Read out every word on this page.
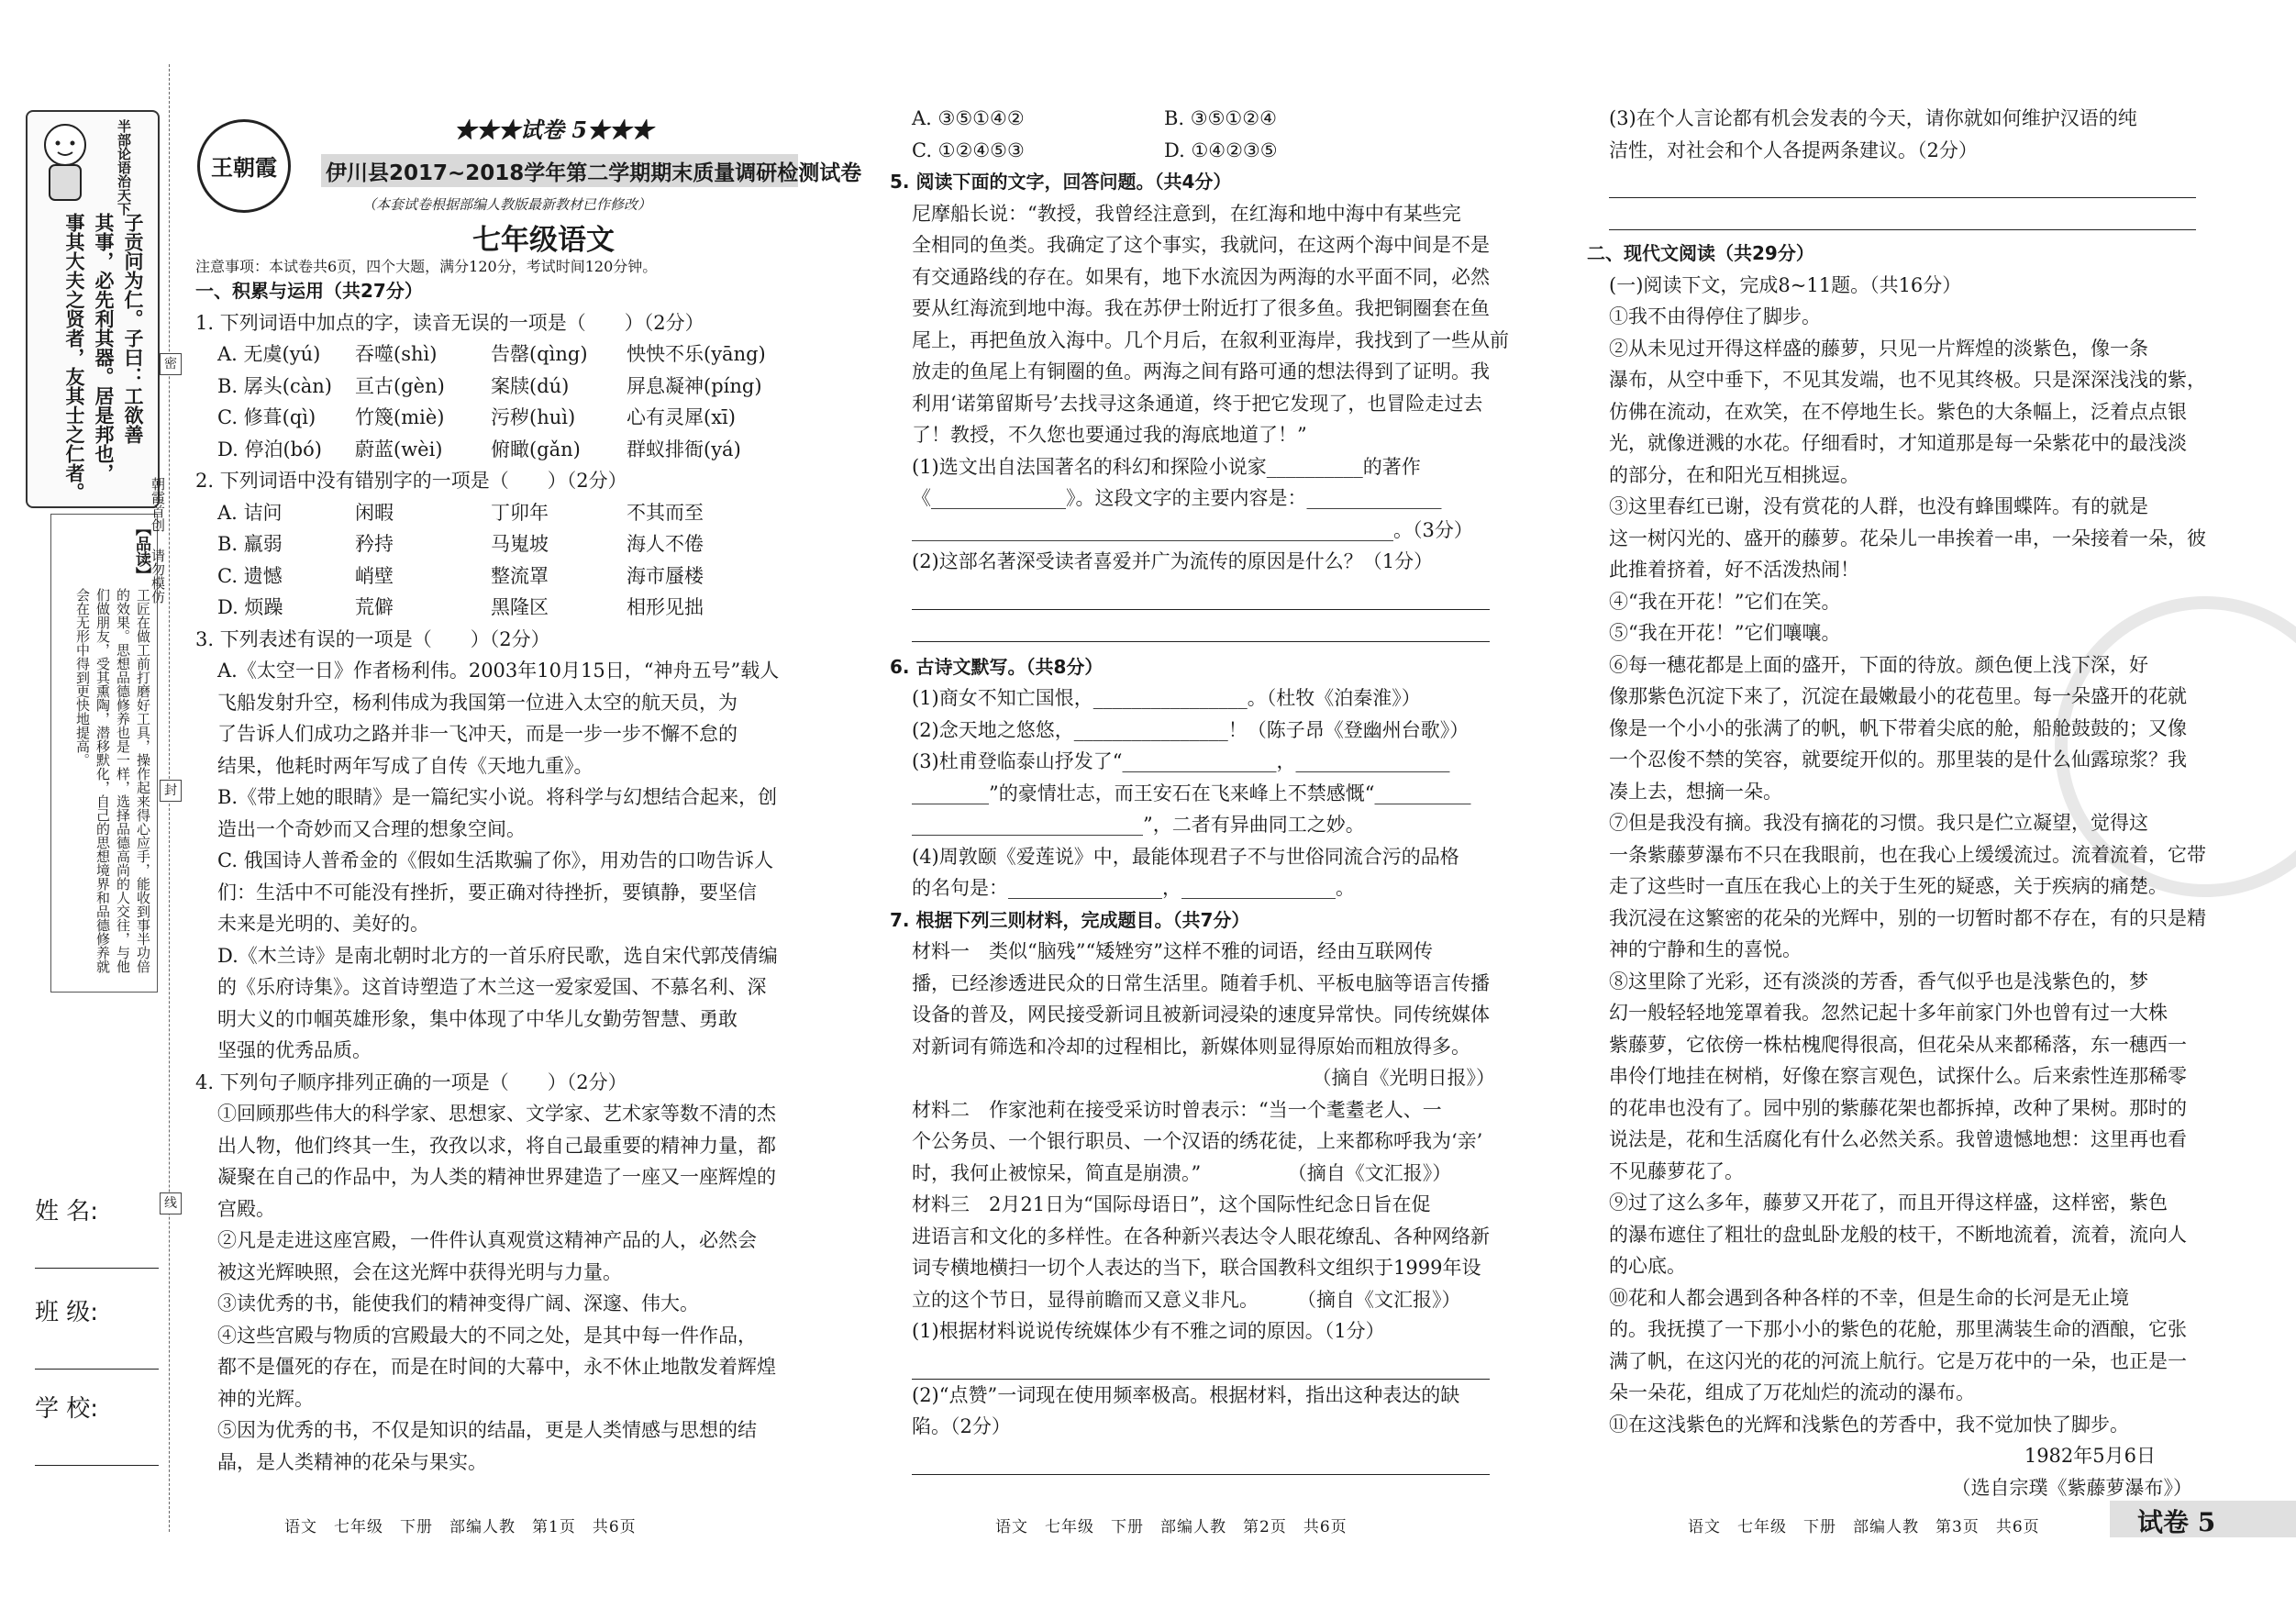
半部论语治天下
子贡问为仁。子曰：工欲善
其事，必先利其器。居是邦也，
事其大夫之贤者，友其士之仁者。
【品读】
工匠在做工前打磨好工具，操作起来得心应手，能收到事半功倍的效果。思想品德修养也是一样，选择品德高尚的人交往，与他们做朋友，受其熏陶，潜移默化，自己的思想境界和品德修养就会在无形中得到更快地提高。
朝霞首创 请勿模仿
密
封
线
姓 名:
班 级:
学 校:
王朝霞
★★★试卷 5★★★
伊川县2017~2018学年第二学期期末质量调研检测试卷
（本套试卷根据部编人教版最新教材已作修改）
七年级语文
注意事项：本试卷共6页，四个大题，满分120分，考试时间120分钟。

一、积累与运用（共27分）

1. 下列词语中加点的字，读音无误的一项是（　　）（2分）

A. 无虞(yú)	吞噬(shì)	告罄(qìng)	怏怏不乐(yāng)
B. 孱头(càn)	亘古(gèn)	案牍(dú)	屏息凝神(píng)
C. 修葺(qì)	竹篾(miè)	污秽(huì)	心有灵犀(xī)
D. 停泊(bó)	蔚蓝(wèi)	俯瞰(gǎn)	群蚁排衙(yá)

2. 下列词语中没有错别字的一项是（　　）（2分）

A. 诘问	闲暇	丁卯年	不其而至
B. 羸弱	矜持	马嵬坡	海人不倦
C. 遗憾	峭壁	整流罩	海市蜃楼
D. 烦躁	荒僻	黑隆区	相形见拙

3. 下列表述有误的一项是（　　）（2分）

A.《太空一日》作者杨利伟。2003年10月15日，“神舟五号”载人

飞船发射升空，杨利伟成为我国第一位进入太空的航天员，为

了告诉人们成功之路并非一飞冲天，而是一步一步不懈不怠的

结果，他耗时两年写成了自传《天地九重》。

B.《带上她的眼睛》是一篇纪实小说。将科学与幻想结合起来，创

造出一个奇妙而又合理的想象空间。

C. 俄国诗人普希金的《假如生活欺骗了你》，用劝告的口吻告诉人

们：生活中不可能没有挫折，要正确对待挫折，要镇静，要坚信

未来是光明的、美好的。

D.《木兰诗》是南北朝时北方的一首乐府民歌，选自宋代郭茂倩编

的《乐府诗集》。这首诗塑造了木兰这一爱家爱国、不慕名利、深

明大义的巾帼英雄形象，集中体现了中华儿女勤劳智慧、勇敢

坚强的优秀品质。

4. 下列句子顺序排列正确的一项是（　　）（2分）

①回顾那些伟大的科学家、思想家、文学家、艺术家等数不清的杰

出人物，他们终其一生，孜孜以求，将自己最重要的精神力量，都

凝聚在自己的作品中，为人类的精神世界建造了一座又一座辉煌的

宫殿。

②凡是走进这座宫殿，一件件认真观赏这精神产品的人，必然会

被这光辉映照，会在这光辉中获得光明与力量。

③读优秀的书，能使我们的精神变得广阔、深邃、伟大。

④这些宫殿与物质的宫殿最大的不同之处，是其中每一件作品，

都不是僵死的存在，而是在时间的大幕中，永不休止地散发着辉煌

神的光辉。

⑤因为优秀的书，不仅是知识的结晶，更是人类情感与思想的结

晶，是人类精神的花朵与果实。

语文　七年级　下册　部编人教　第1页　共6页
A. ③⑤①④②	B. ③⑤①②④
C. ①②④⑤③	D. ①④②③⑤

5. 阅读下面的文字，回答问题。（共4分）

尼摩船长说：“教授，我曾经注意到，在红海和地中海中有某些完

全相同的鱼类。我确定了这个事实，我就问，在这两个海中间是不是

有交通路线的存在。如果有，地下水流因为两海的水平面不同，必然

要从红海流到地中海。我在苏伊士附近打了很多鱼。我把铜圈套在鱼

尾上，再把鱼放入海中。几个月后，在叙利亚海岸，我找到了一些从前

放走的鱼尾上有铜圈的鱼。两海之间有路可通的想法得到了证明。我

利用‘诺第留斯号’去找寻这条通道，终于把它发现了，也冒险走过去

了！教授，不久您也要通过我的海底地道了！”

(1)选文出自法国著名的科幻和探险小说家__________的著作

《______________》。这段文字的主要内容是：______________

__________________________________________________。（3分）

(2)这部名著深受读者喜爱并广为流传的原因是什么？（1分）

6. 古诗文默写。（共8分）

(1)商女不知亡国恨，________________。（杜牧《泊秦淮》）

(2)念天地之悠悠，________________！（陈子昂《登幽州台歌》）

(3)杜甫登临泰山抒发了“________________，________________

________”的豪情壮志，而王安石在飞来峰上不禁感慨“__________

________________________”，二者有异曲同工之妙。

(4)周敦颐《爱莲说》中，最能体现君子不与世俗同流合污的品格

的名句是：________________，________________。

7. 根据下列三则材料，完成题目。（共7分）

材料一　类似“脑残”“矮矬穷”这样不雅的词语，经由互联网传

播，已经渗透进民众的日常生活里。随着手机、平板电脑等语言传播

设备的普及，网民接受新词且被新词浸染的速度异常快。同传统媒体

对新词有筛选和冷却的过程相比，新媒体则显得原始而粗放得多。

（摘自《光明日报》）

材料二　作家池莉在接受采访时曾表示：“当一个耄耋老人、一

个公务员、一个银行职员、一个汉语的绣花徒，上来都称呼我为‘亲’

时，我何止被惊呆，简直是崩溃。”　　　　　（摘自《文汇报》）

材料三　2月21日为“国际母语日”，这个国际性纪念日旨在促

进语言和文化的多样性。在各种新兴表达令人眼花缭乱、各种网络新

词专横地横扫一切个人表达的当下，联合国教科文组织于1999年设

立的这个节日，显得前瞻而又意义非凡。　　　（摘自《文汇报》）

(1)根据材料说说传统媒体少有不雅之词的原因。（1分）

(2)“点赞”一词现在使用频率极高。根据材料，指出这种表达的缺

陷。（2分）

语文　七年级　下册　部编人教　第2页　共6页

(3)在个人言论都有机会发表的今天，请你就如何维护汉语的纯

洁性，对社会和个人各提两条建议。（2分）

二、现代文阅读（共29分）

(一)阅读下文，完成8~11题。（共16分）

①我不由得停住了脚步。

②从未见过开得这样盛的藤萝，只见一片辉煌的淡紫色，像一条

瀑布，从空中垂下，不见其发端，也不见其终极。只是深深浅浅的紫，

仿佛在流动，在欢笑，在不停地生长。紫色的大条幅上，泛着点点银

光，就像迸溅的水花。仔细看时，才知道那是每一朵紫花中的最浅淡

的部分，在和阳光互相挑逗。

③这里春红已谢，没有赏花的人群，也没有蜂围蝶阵。有的就是

这一树闪光的、盛开的藤萝。花朵儿一串挨着一串，一朵接着一朵，彼

此推着挤着，好不活泼热闹！

④“我在开花！”它们在笑。

⑤“我在开花！”它们嚷嚷。

⑥每一穗花都是上面的盛开，下面的待放。颜色便上浅下深，好

像那紫色沉淀下来了，沉淀在最嫩最小的花苞里。每一朵盛开的花就

像是一个小小的张满了的帆，帆下带着尖底的舱，船舱鼓鼓的；又像

一个忍俊不禁的笑容，就要绽开似的。那里装的是什么仙露琼浆？我

凑上去，想摘一朵。

⑦但是我没有摘。我没有摘花的习惯。我只是伫立凝望，觉得这

一条紫藤萝瀑布不只在我眼前，也在我心上缓缓流过。流着流着，它带

走了这些时一直压在我心上的关于生死的疑惑，关于疾病的痛楚。

我沉浸在这繁密的花朵的光辉中，别的一切暂时都不存在，有的只是精

神的宁静和生的喜悦。

⑧这里除了光彩，还有淡淡的芳香，香气似乎也是浅紫色的，梦

幻一般轻轻地笼罩着我。忽然记起十多年前家门外也曾有过一大株

紫藤萝，它依傍一株枯槐爬得很高，但花朵从来都稀落，东一穗西一

串伶仃地挂在树梢，好像在察言观色，试探什么。后来索性连那稀零

的花串也没有了。园中别的紫藤花架也都拆掉，改种了果树。那时的

说法是，花和生活腐化有什么必然关系。我曾遗憾地想：这里再也看

不见藤萝花了。

⑨过了这么多年，藤萝又开花了，而且开得这样盛，这样密，紫色

的瀑布遮住了粗壮的盘虬卧龙般的枝干，不断地流着，流着，流向人

的心底。

⑩花和人都会遇到各种各样的不幸，但是生命的长河是无止境

的。我抚摸了一下那小小的紫色的花舱，那里满装生命的酒酿，它张

满了帆，在这闪光的花的河流上航行。它是万花中的一朵，也正是一

朵一朵花，组成了万花灿烂的流动的瀑布。

⑪在这浅紫色的光辉和浅紫色的芳香中，我不觉加快了脚步。

1982年5月6日

（选自宗璞《紫藤萝瀑布》）

语文　七年级　下册　部编人教　第3页　共6页	试卷 5
